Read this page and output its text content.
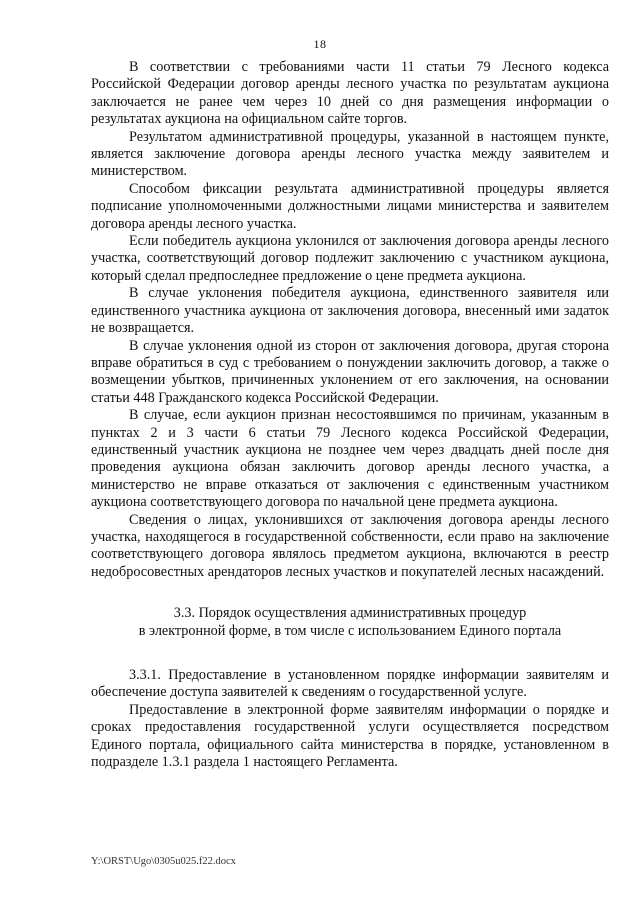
18

В соответствии с требованиями части 11 статьи 79 Лесного кодекса Российской Федерации договор аренды лесного участка по результатам аукциона заключается не ранее чем через 10 дней со дня размещения информации о результатах аукциона на официальном сайте торгов.

Результатом административной процедуры, указанной в настоящем пункте, является заключение договора аренды лесного участка между заявителем и министерством.

Способом фиксации результата административной процедуры является подписание уполномоченными должностными лицами министерства и заявителем договора аренды лесного участка.

Если победитель аукциона уклонился от заключения договора аренды лесного участка, соответствующий договор подлежит заключению с участником аукциона, который сделал предпоследнее предложение о цене предмета аукциона.

В случае уклонения победителя аукциона, единственного заявителя или единственного участника аукциона от заключения договора, внесенный ими задаток не возвращается.

В случае уклонения одной из сторон от заключения договора, другая сторона вправе обратиться в суд с требованием о понуждении заключить договор, а также о возмещении убытков, причиненных уклонением от его заключения, на основании статьи 448 Гражданского кодекса Российской Федерации.

В случае, если аукцион признан несостоявшимся по причинам, указанным в пунктах 2 и 3 части 6 статьи 79 Лесного кодекса Российской Федерации, единственный участник аукциона не позднее чем через двадцать дней после дня проведения аукциона обязан заключить договор аренды лесного участка, а министерство не вправе отказаться от заключения с единственным участником аукциона соответствующего договора по начальной цене предмета аукциона.

Сведения о лицах, уклонившихся от заключения договора аренды лесного участка, находящегося в государственной собственности, если право на заключение соответствующего договора являлось предметом аукциона, включаются в реестр недобросовестных арендаторов лесных участков и покупателей лесных насаждений.

3.3. Порядок осуществления административных процедур
в электронной форме, в том числе с использованием Единого портала

3.3.1. Предоставление в установленном порядке информации заявителям и обеспечение доступа заявителей к сведениям о государственной услуге.

Предоставление в электронной форме заявителям информации о порядке и сроках предоставления государственной услуги осуществляется посредством Единого портала, официального сайта министерства в порядке, установленном в подразделе 1.3.1 раздела 1 настоящего Регламента.

Y:\ORST\Ugo\0305u025.f22.docx
